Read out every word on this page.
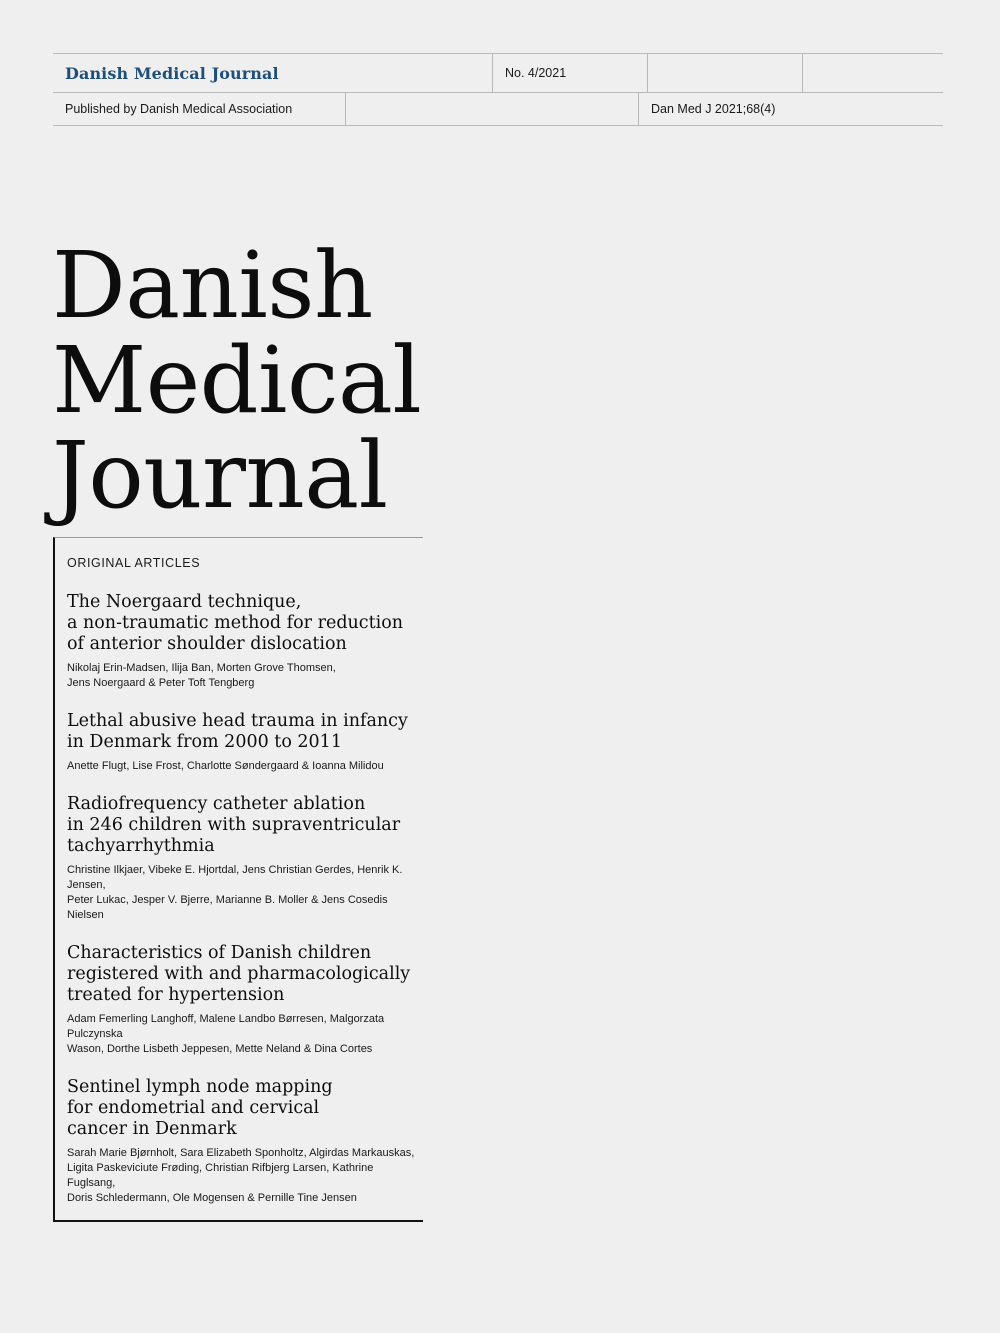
Danish Medical Journal	No. 4/2021
Published by Danish Medical Association	Dan Med J 2021;68(4)
Danish
Medical
Journal
ORIGINAL ARTICLES
The Noergaard technique,
a non-traumatic method for reduction
of anterior shoulder dislocation
Nikolaj Erin-Madsen, Ilija Ban, Morten Grove Thomsen,
Jens Noergaard & Peter Toft Tengberg
Lethal abusive head trauma in infancy
in Denmark from 2000 to 2011
Anette Flugt, Lise Frost, Charlotte Søndergaard & Ioanna Milidou
Radiofrequency catheter ablation
in 246 children with supraventricular
tachyarrhythmia
Christine Ilkjaer, Vibeke E. Hjortdal, Jens Christian Gerdes, Henrik K. Jensen,
Peter Lukac, Jesper V. Bjerre, Marianne B. Moller & Jens Cosedis Nielsen
Characteristics of Danish children
registered with and pharmacologically
treated for hypertension
Adam Femerling Langhoff, Malene Landbo Børresen, Malgorzata Pulczynska
Wason, Dorthe Lisbeth Jeppesen, Mette Neland & Dina Cortes
Sentinel lymph node mapping
for endometrial and cervical
cancer in Denmark
Sarah Marie Bjørnholt, Sara Elizabeth Sponholtz, Algirdas Markauskas,
Ligita Paskeviciute Frøding, Christian Rifbjerg Larsen, Kathrine Fuglsang,
Doris Schledermann, Ole Mogensen & Pernille Tine Jensen
